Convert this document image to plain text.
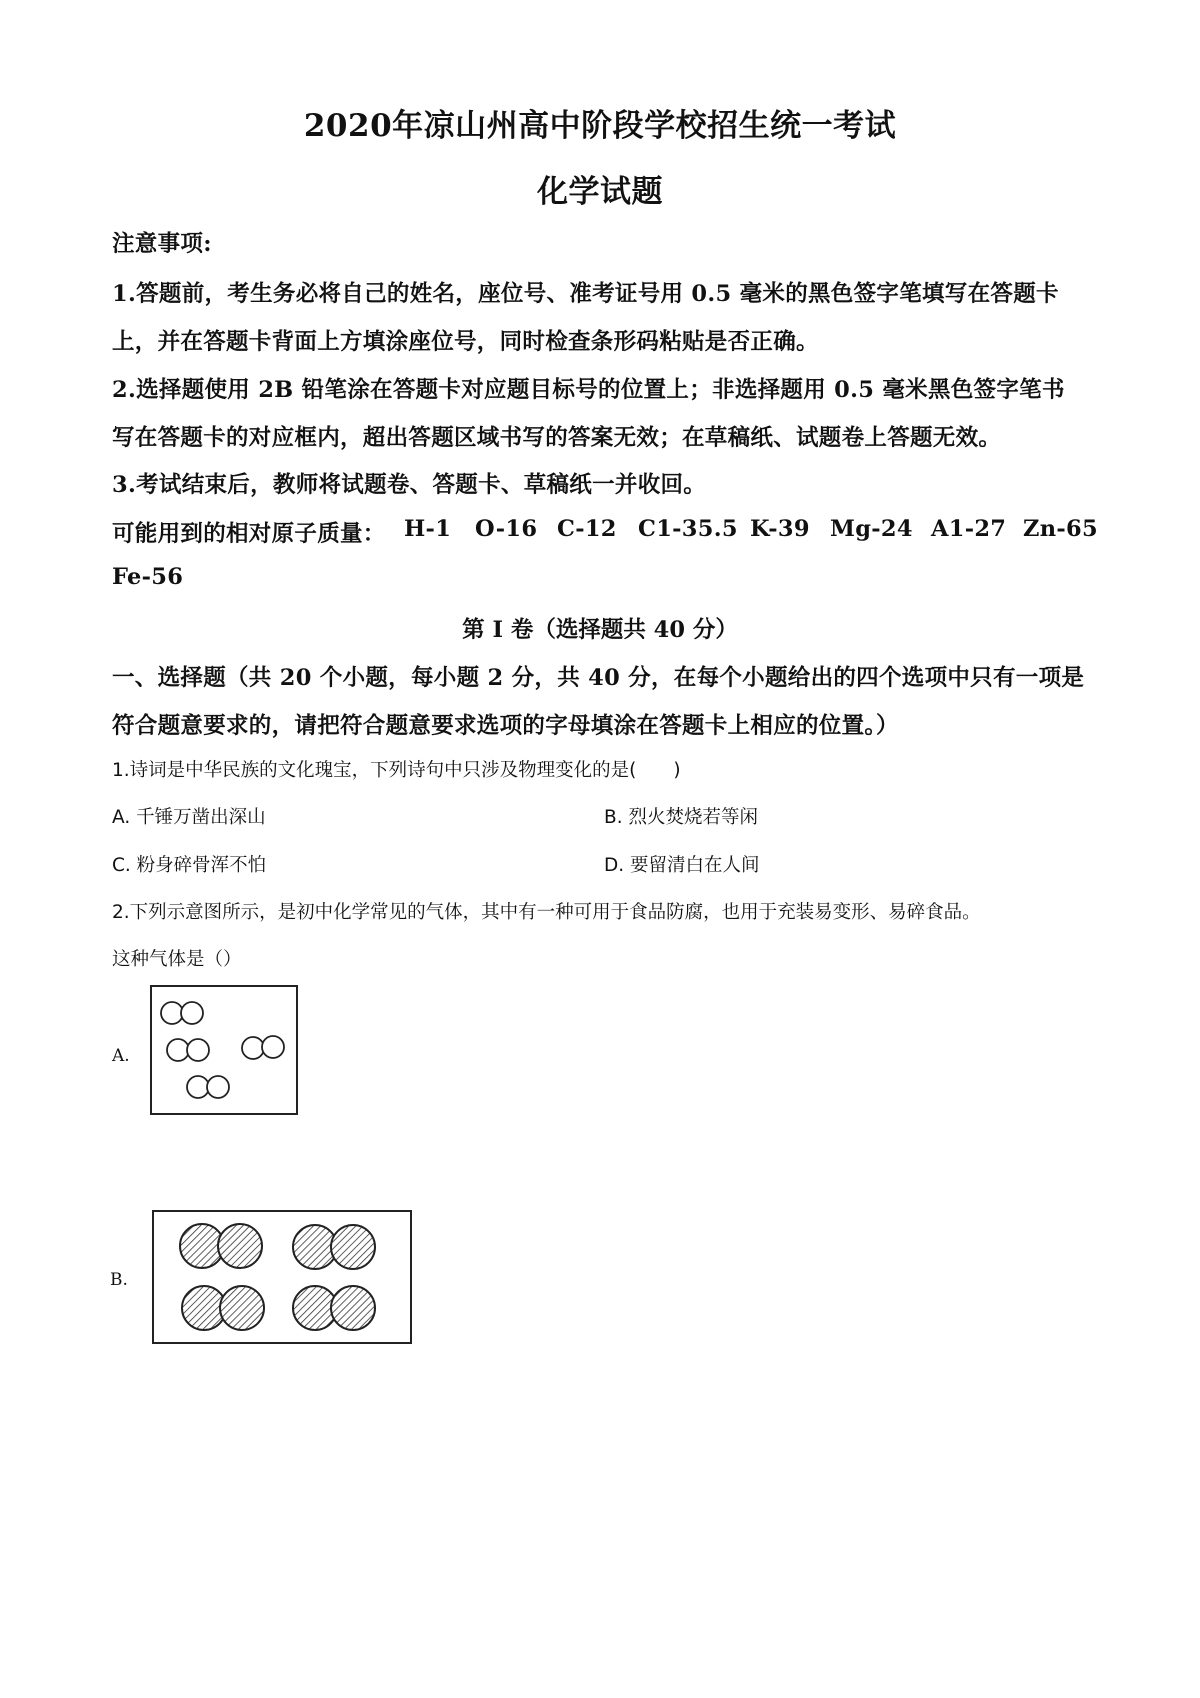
2020年凉山州高中阶段学校招生统一考试
化学试题
注意事项:
1.答题前，考生务必将自己的姓名，座位号、准考证号用 0.5 毫米的黑色签字笔填写在答题卡
上，并在答题卡背面上方填涂座位号，同时检查条形码粘贴是否正确。
2.选择题使用 2B 铅笔涂在答题卡对应题目标号的位置上；非选择题用 0.5 毫米黑色签字笔书
写在答题卡的对应框内，超出答题区域书写的答案无效；在草稿纸、试题卷上答题无效。
3.考试结束后，教师将试题卷、答题卡、草稿纸一并收回。
可能用到的相对原子质量： H-1 O-16 C-12 C1-35.5 K-39 Mg-24 A1-27 Zn-65
Fe-56
第 I 卷（选择题共 40 分）
一、选择题（共 20 个小题，每小题 2 分，共 40 分，在每个小题给出的四个选项中只有一项是
符合题意要求的，请把符合题意要求选项的字母填涂在答题卡上相应的位置。）
1.诗词是中华民族的文化瑰宝，下列诗句中只涉及物理变化的是(　　)
A. 千锤万凿出深山	B. 烈火焚烧若等闲
C. 粉身碎骨浑不怕	D. 要留清白在人间
2.下列示意图所示，是初中化学常见的气体，其中有一种可用于食品防腐，也用于充装易变形、易碎食品。
这种气体是（）
A.
B.
